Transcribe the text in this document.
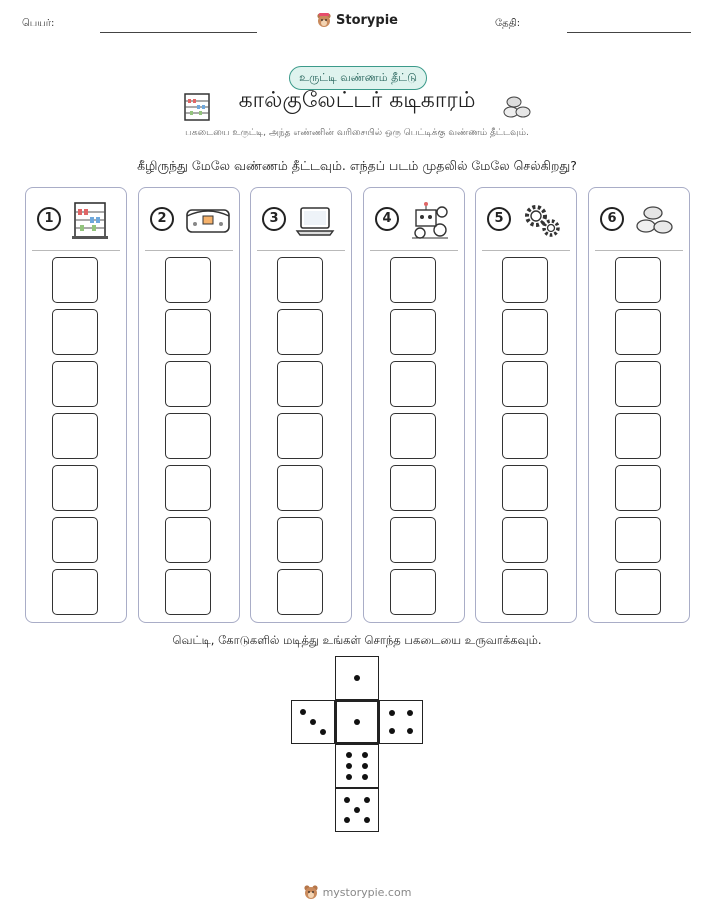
பெயர்:	Storypie	தேதி:
உருட்டி வண்ணம் தீட்டு
கால்குலேட்டர் கடிகாரம்
பகடையை உருட்டி, அந்த எண்ணின் வரிசையில் ஒரு பெட்டிக்கு வண்ணம் தீட்டவும்.
கீழிருந்து மேலே வண்ணம் தீட்டவும். எந்தப் படம் முதலில் மேலே செல்கிறது?
1	2	3	4	5	6
வெட்டி, கோடுகளில் மடித்து உங்கள் சொந்த பகடையை உருவாக்கவும்.
mystorypie.com
